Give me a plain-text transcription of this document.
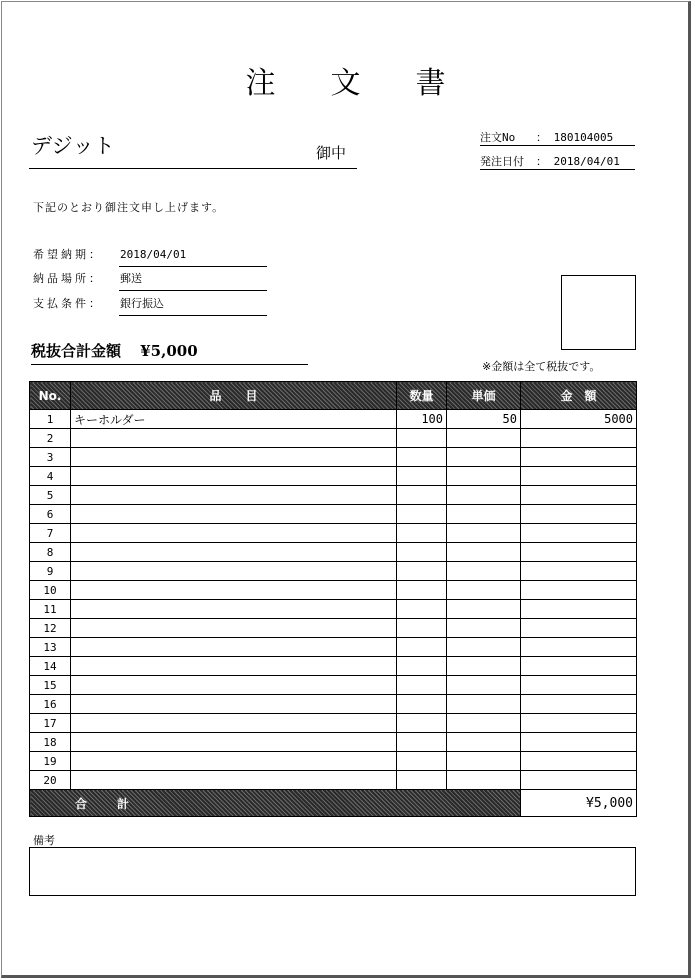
注 文 書
デジット	御中
注文No ： 180104005
発注日付 ： 2018/04/01
下記のとおり御注文申し上げます。
希望納期： 2018/04/01
納品場所： 郵送
支払条件： 銀行振込
税抜合計金額 ¥5,000
※金額は全て税抜です。
No.	品　　目	数量	単価	金　額
1	キーホルダー	100	50	5000
2				
3				
4				
5				
6				
7				
8				
9				
10				
11				
12				
13				
14				
15				
16				
17				
18				
19				
20				
合計				¥5,000
備考
